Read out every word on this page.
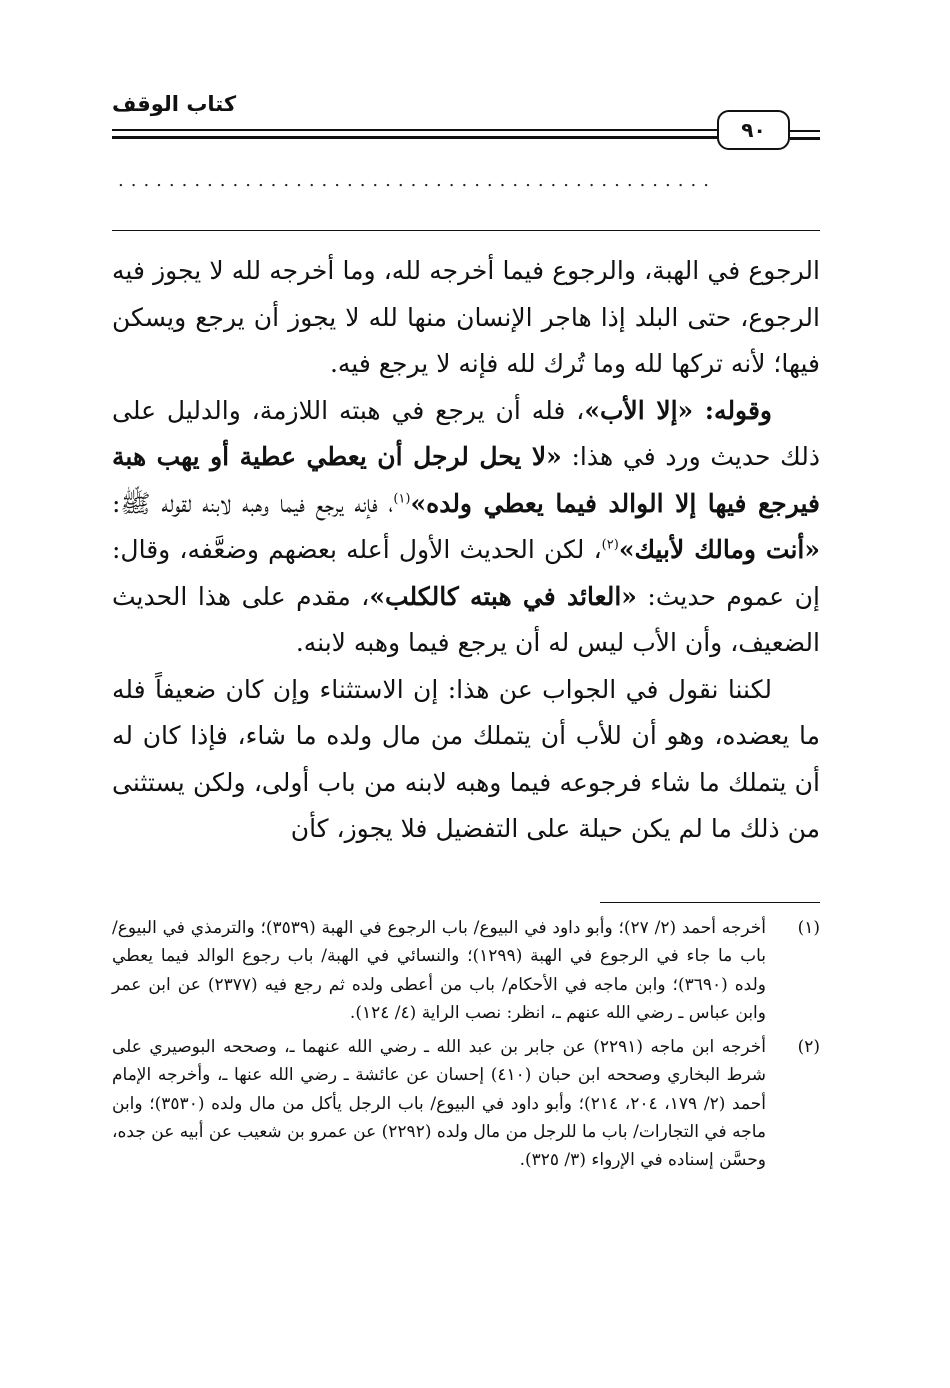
كتاب الوقف
٩٠
...............................................

الرجوع في الهبة، والرجوع فيما أخرجه لله، وما أخرجه لله لا يجوز فيه الرجوع، حتى البلد إذا هاجر الإنسان منها لله لا يجوز أن يرجع ويسكن فيها؛ لأنه تركها لله وما تُرك لله فإنه لا يرجع فيه.

وقوله: «إلا الأب»، فله أن يرجع في هبته اللازمة، والدليل على ذلك حديث ورد في هذا: «لا يحل لرجل أن يعطي عطية أو يهب هبة فيرجع فيها إلا الوالد فيما يعطي ولده»$^{(١)}$، فإنه يرجع فيما وهبه لابنه لقوله ﷺ: «أنت ومالك لأبيك»$^{(٢)}$، لكن الحديث الأول أعله بعضهم وضعَّفه، وقال: إن عموم حديث: «العائد في هبته كالكلب»، مقدم على هذا الحديث الضعيف، وأن الأب ليس له أن يرجع فيما وهبه لابنه.

لكننا نقول في الجواب عن هذا: إن الاستثناء وإن كان ضعيفاً فله ما يعضده، وهو أن للأب أن يتملك من مال ولده ما شاء، فإذا كان له أن يتملك ما شاء فرجوعه فيما وهبه لابنه من باب أولى، ولكن يستثنى من ذلك ما لم يكن حيلة على التفضيل فلا يجوز، كأن

(١)
أخرجه أحمد (٢/ ٢٧)؛ وأبو داود في البيوع/ باب الرجوع في الهبة (٣٥٣٩)؛ والترمذي في البيوع/ باب ما جاء في الرجوع في الهبة (١٢٩٩)؛ والنسائي في الهبة/ باب رجوع الوالد فيما يعطي ولده (٣٦٩٠)؛ وابن ماجه في الأحكام/ باب من أعطى ولده ثم رجع فيه (٢٣٧٧) عن ابن عمر وابن عباس ـ رضي الله عنهم ـ، انظر: نصب الراية (٤/ ١٢٤).
(٢)
أخرجه ابن ماجه (٢٢٩١) عن جابر بن عبد الله ـ رضي الله عنهما ـ، وصححه البوصيري على شرط البخاري وصححه ابن حبان (٤١٠) إحسان عن عائشة ـ رضي الله عنها ـ، وأخرجه الإمام أحمد (٢/ ١٧٩، ٢٠٤، ٢١٤)؛ وأبو داود في البيوع/ باب الرجل يأكل من مال ولده (٣٥٣٠)؛ وابن ماجه في التجارات/ باب ما للرجل من مال ولده (٢٢٩٢) عن عمرو بن شعيب عن أبيه عن جده، وحسَّن إسناده في الإرواء (٣/ ٣٢٥).
